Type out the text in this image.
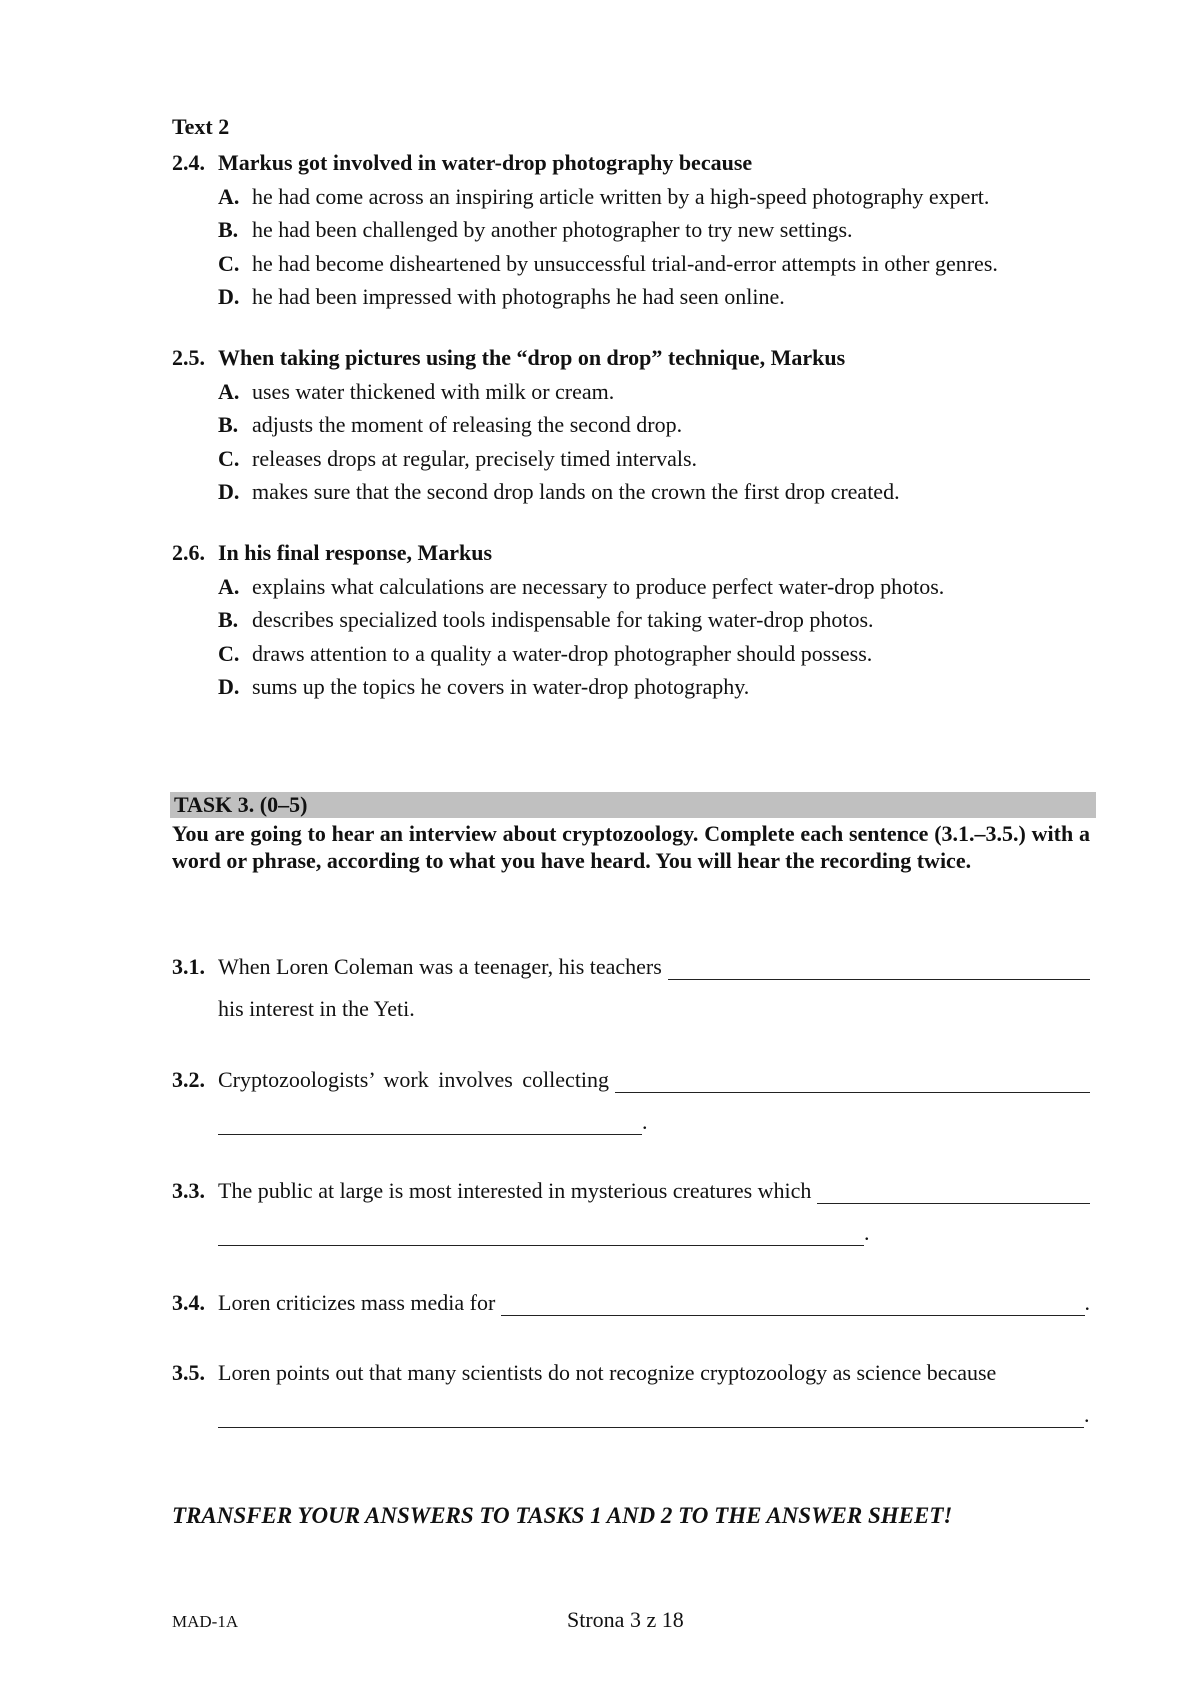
Text 2
2.4. Markus got involved in water-drop photography because
A. he had come across an inspiring article written by a high-speed photography expert.
B. he had been challenged by another photographer to try new settings.
C. he had become disheartened by unsuccessful trial-and-error attempts in other genres.
D. he had been impressed with photographs he had seen online.
2.5. When taking pictures using the “drop on drop” technique, Markus
A. uses water thickened with milk or cream.
B. adjusts the moment of releasing the second drop.
C. releases drops at regular, precisely timed intervals.
D. makes sure that the second drop lands on the crown the first drop created.
2.6. In his final response, Markus
A. explains what calculations are necessary to produce perfect water-drop photos.
B. describes specialized tools indispensable for taking water-drop photos.
C. draws attention to a quality a water-drop photographer should possess.
D. sums up the topics he covers in water-drop photography.
TASK 3. (0–5)
You are going to hear an interview about cryptozoology. Complete each sentence (3.1.–3.5.) with a word or phrase, according to what you have heard. You will hear the recording twice.
3.1. When Loren Coleman was a teenager, his teachers
his interest in the Yeti.
3.2. Cryptozoologists’ work involves collecting
.
3.3. The public at large is most interested in mysterious creatures which
.
3.4. Loren criticizes mass media for	.
3.5. Loren points out that many scientists do not recognize cryptozoology as science because
.
TRANSFER YOUR ANSWERS TO TASKS 1 AND 2 TO THE ANSWER SHEET!
MAD-1A	Strona 3 z 18
